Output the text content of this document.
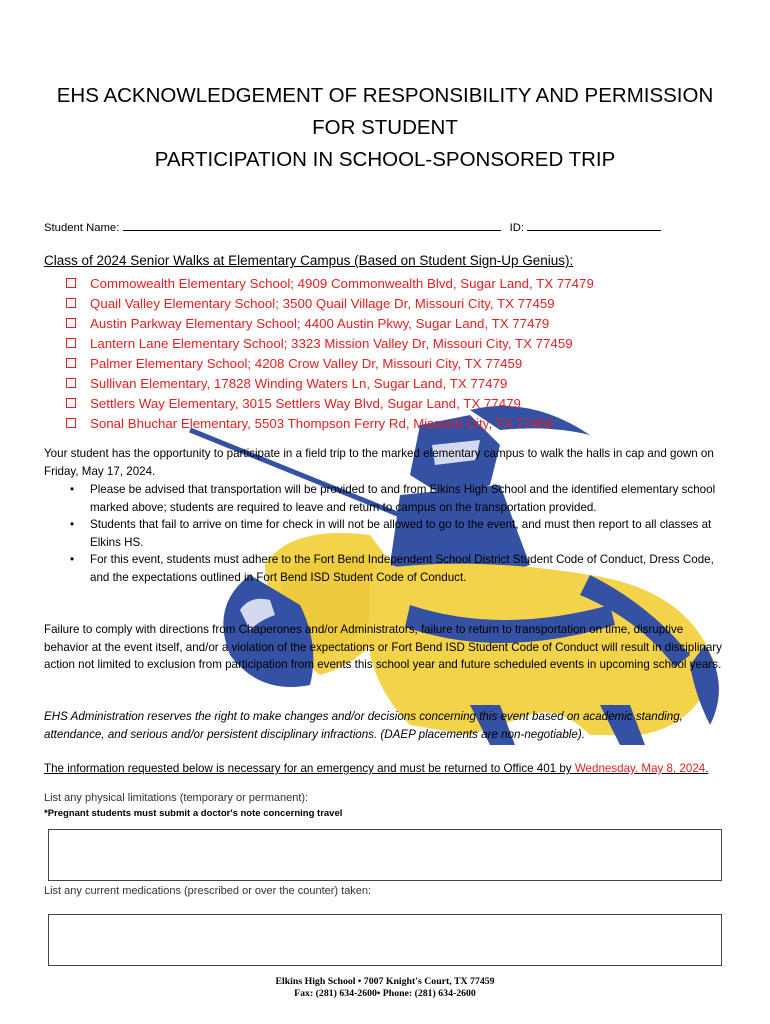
EHS ACKNOWLEDGEMENT OF RESPONSIBILITY AND PERMISSION
FOR STUDENT
PARTICIPATION IN SCHOOL-SPONSORED TRIP
Student Name:	ID:
Class of 2024 Senior Walks at Elementary Campus (Based on Student Sign-Up Genius):
Commowealth Elementary School; 4909 Commonwealth Blvd, Sugar Land, TX 77479
Quail Valley Elementary School; 3500 Quail Village Dr, Missouri City, TX 77459
Austin Parkway Elementary School; 4400 Austin Pkwy, Sugar Land, TX 77479
Lantern Lane Elementary School; 3323 Mission Valley Dr, Missouri City, TX 77459
Palmer Elementary School; 4208 Crow Valley Dr, Missouri City, TX 77459
Sullivan Elementary, 17828 Winding Waters Ln, Sugar Land, TX 77479
Settlers Way Elementary, 3015 Settlers Way Blvd, Sugar Land, TX 77479
Sonal Bhuchar Elementary, 5503 Thompson Ferry Rd, Missouri City, TX 77459
Your student has the opportunity to participate in a field trip to the marked elementary campus to walk the halls in cap and gown on Friday, May 17, 2024.
• Please be advised that transportation will be provided to and from Elkins High School and the identified elementary school marked above; students are required to leave and return to campus on the transportation provided.
• Students that fail to arrive on time for check in will not be allowed to go to the event, and must then report to all classes at Elkins HS.
• For this event, students must adhere to the Fort Bend Independent School District Student Code of Conduct, Dress Code, and the expectations outlined in Fort Bend ISD Student Code of Conduct.
Failure to comply with directions from Chaperones and/or Administrators, failure to return to transportation on time, disruptive behavior at the event itself, and/or a violation of the expectations or Fort Bend ISD Student Code of Conduct will result in disciplinary action not limited to exclusion from participation from events this school year and future scheduled events in upcoming school years.
EHS Administration reserves the right to make changes and/or decisions concerning this event based on academic standing, attendance, and serious and/or persistent disciplinary infractions. (DAEP placements are non-negotiable).
The information requested below is necessary for an emergency and must be returned to Office 401 by Wednesday, May 8, 2024.
List any physical limitations (temporary or permanent):
*Pregnant students must submit a doctor's note concerning travel
List any current medications (prescribed or over the counter) taken:
Elkins High School • 7007 Knight's Court, TX 77459
Fax: (281) 634-2600• Phone: (281) 634-2600
